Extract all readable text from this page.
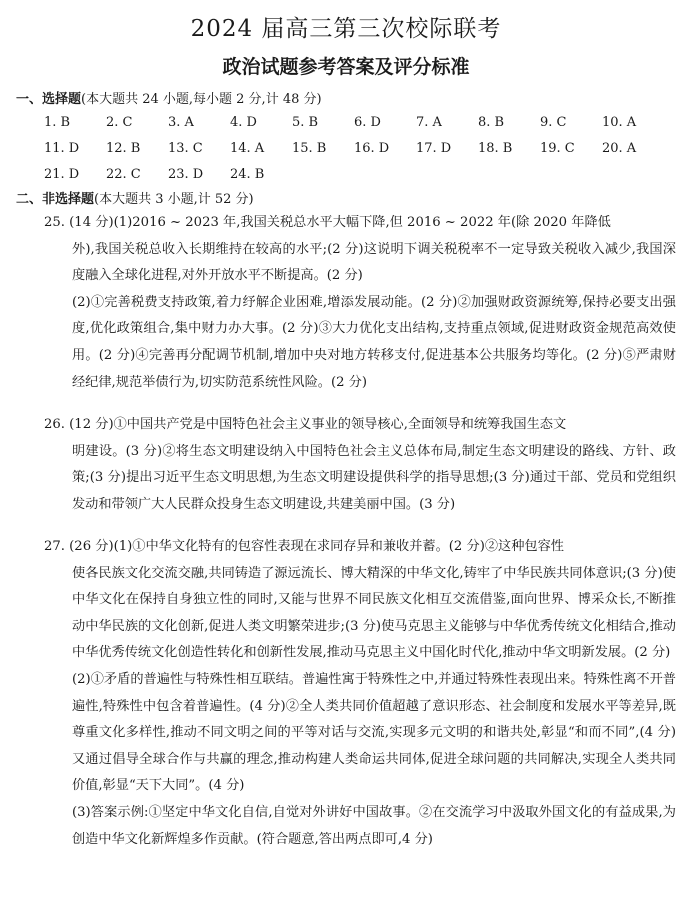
2024 届高三第三次校际联考
政治试题参考答案及评分标准

一、选择题(本大题共 24 小题,每小题 2 分,计 48 分)

1. B	2. C	3. A	4. D	5. B	6. D	7. A	8. B	9. C	10. A
11. D	12. B	13. C	14. A	15. B	16. D	17. D	18. B	19. C	20. A
21. D	22. C	23. D	24. B

二、非选择题(本大题共 3 小题,计 52 分)

25. (14 分)(1)2016 ~ 2023 年,我国关税总水平大幅下降,但 2016 ~ 2022 年(除 2020 年降低
外),我国关税总收入长期维持在较高的水平;(2 分)这说明下调关税税率不一定导致关税收入减少,我国深度融入全球化进程,对外开放水平不断提高。(2 分)
(2)①完善税费支持政策,着力纾解企业困难,增添发展动能。(2 分)②加强财政资源统筹,保持必要支出强度,优化政策组合,集中财力办大事。(2 分)③大力优化支出结构,支持重点领域,促进财政资金规范高效使用。(2 分)④完善再分配调节机制,增加中央对地方转移支付,促进基本公共服务均等化。(2 分)⑤严肃财经纪律,规范举债行为,切实防范系统性风险。(2 分)
26. (12 分)①中国共产党是中国特色社会主义事业的领导核心,全面领导和统筹我国生态文
明建设。(3 分)②将生态文明建设纳入中国特色社会主义总体布局,制定生态文明建设的路线、方针、政策;(3 分)提出习近平生态文明思想,为生态文明建设提供科学的指导思想;(3 分)通过干部、党员和党组织发动和带领广大人民群众投身生态文明建设,共建美丽中国。(3 分)
27. (26 分)(1)①中华文化特有的包容性表现在求同存异和兼收并蓄。(2 分)②这种包容性
使各民族文化交流交融,共同铸造了源远流长、博大精深的中华文化,铸牢了中华民族共同体意识;(3 分)使中华文化在保持自身独立性的同时,又能与世界不同民族文化相互交流借鉴,面向世界、博采众长,不断推动中华民族的文化创新,促进人类文明繁荣进步;(3 分)使马克思主义能够与中华优秀传统文化相结合,推动中华优秀传统文化创造性转化和创新性发展,推动马克思主义中国化时代化,推动中华文明新发展。(2 分)
(2)①矛盾的普遍性与特殊性相互联结。普遍性寓于特殊性之中,并通过特殊性表现出来。特殊性离不开普遍性,特殊性中包含着普遍性。(4 分)②全人类共同价值超越了意识形态、社会制度和发展水平等差异,既尊重文化多样性,推动不同文明之间的平等对话与交流,实现多元文明的和谐共处,彰显“和而不同”,(4 分)又通过倡导全球合作与共赢的理念,推动构建人类命运共同体,促进全球问题的共同解决,实现全人类共同价值,彰显“天下大同”。(4 分)
(3)答案示例:①坚定中华文化自信,自觉对外讲好中国故事。②在交流学习中汲取外国文化的有益成果,为创造中华文化新辉煌多作贡献。(符合题意,答出两点即可,4 分)
